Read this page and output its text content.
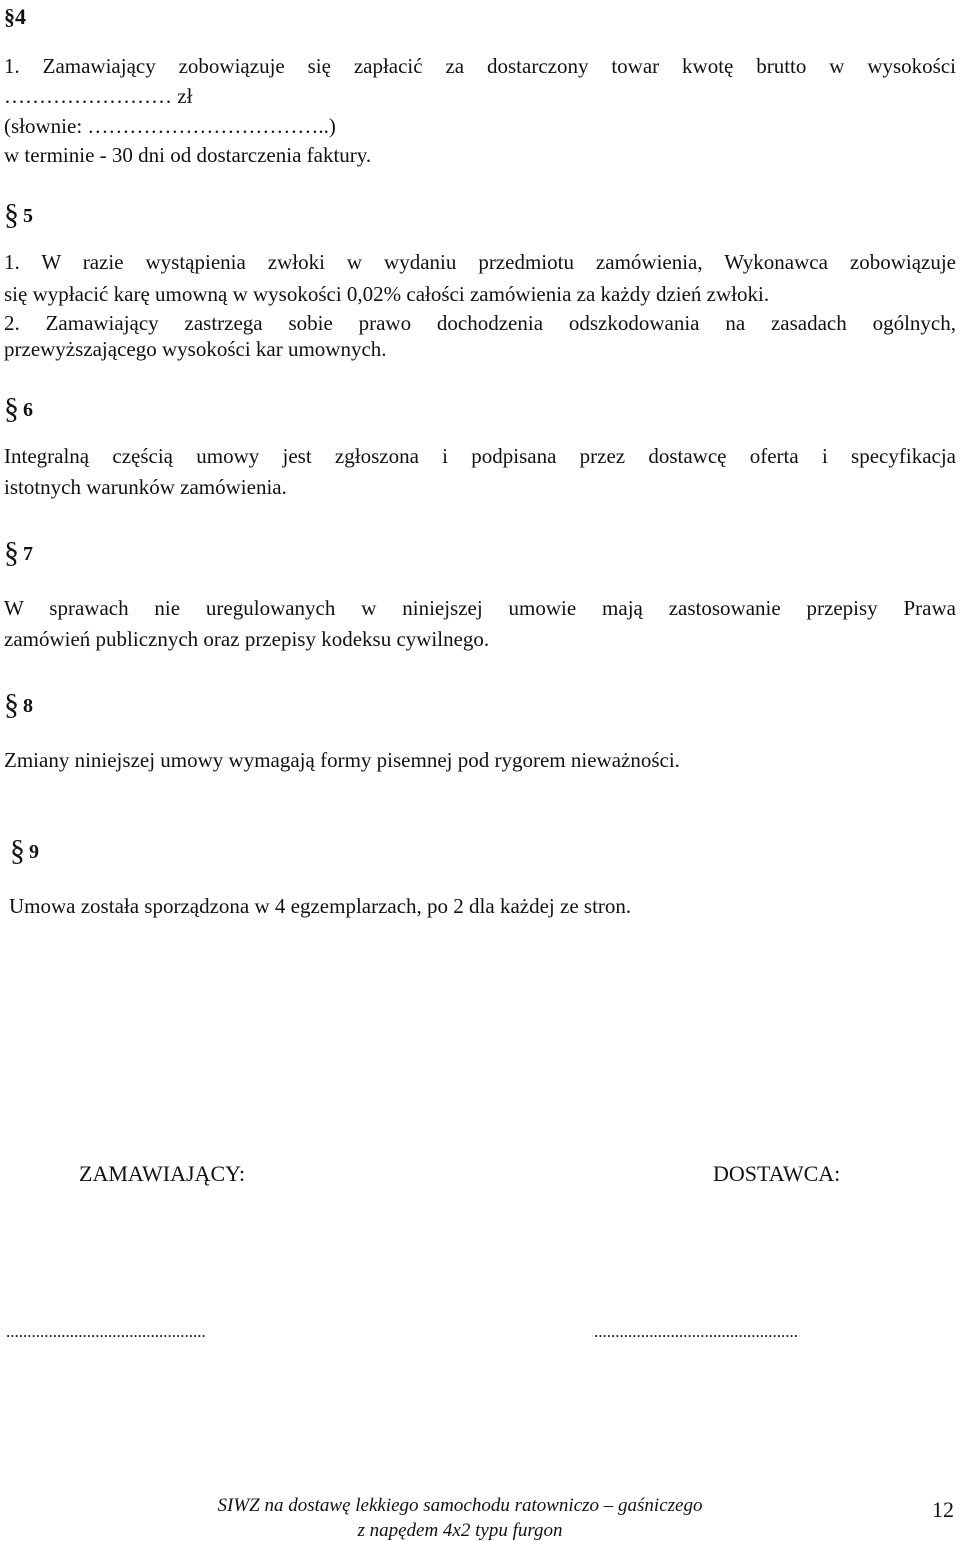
§4
1. Zamawiający zobowiązuje się zapłacić za dostarczony towar kwotę brutto w wysokości
…………………… zł
(słownie: ……………………………..)
w terminie - 30 dni od dostarczenia faktury.
§ 5
1. W razie wystąpienia zwłoki w wydaniu przedmiotu zamówienia, Wykonawca zobowiązuje
się wypłacić karę umowną w wysokości 0,02% całości zamówienia za każdy dzień zwłoki.
2. Zamawiający zastrzega sobie prawo dochodzenia odszkodowania na zasadach ogólnych,
przewyższającego wysokości kar umownych.
§ 6
Integralną częścią umowy jest zgłoszona i podpisana przez dostawcę oferta i specyfikacja
istotnych warunków zamówienia.
§ 7
W sprawach nie uregulowanych w niniejszej umowie mają zastosowanie przepisy Prawa
zamówień publicznych oraz przepisy kodeksu cywilnego.
§ 8
Zmiany niniejszej umowy wymagają formy pisemnej pod rygorem nieważności.
§ 9
Umowa została sporządzona w 4 egzemplarzach, po 2 dla każdej ze stron.
ZAMAWIAJĄCY:	DOSTAWCA:
...............................................	................................................
SIWZ na dostawę lekkiego samochodu ratowniczo – gaśniczego
z napędem 4x2 typu furgon
12
